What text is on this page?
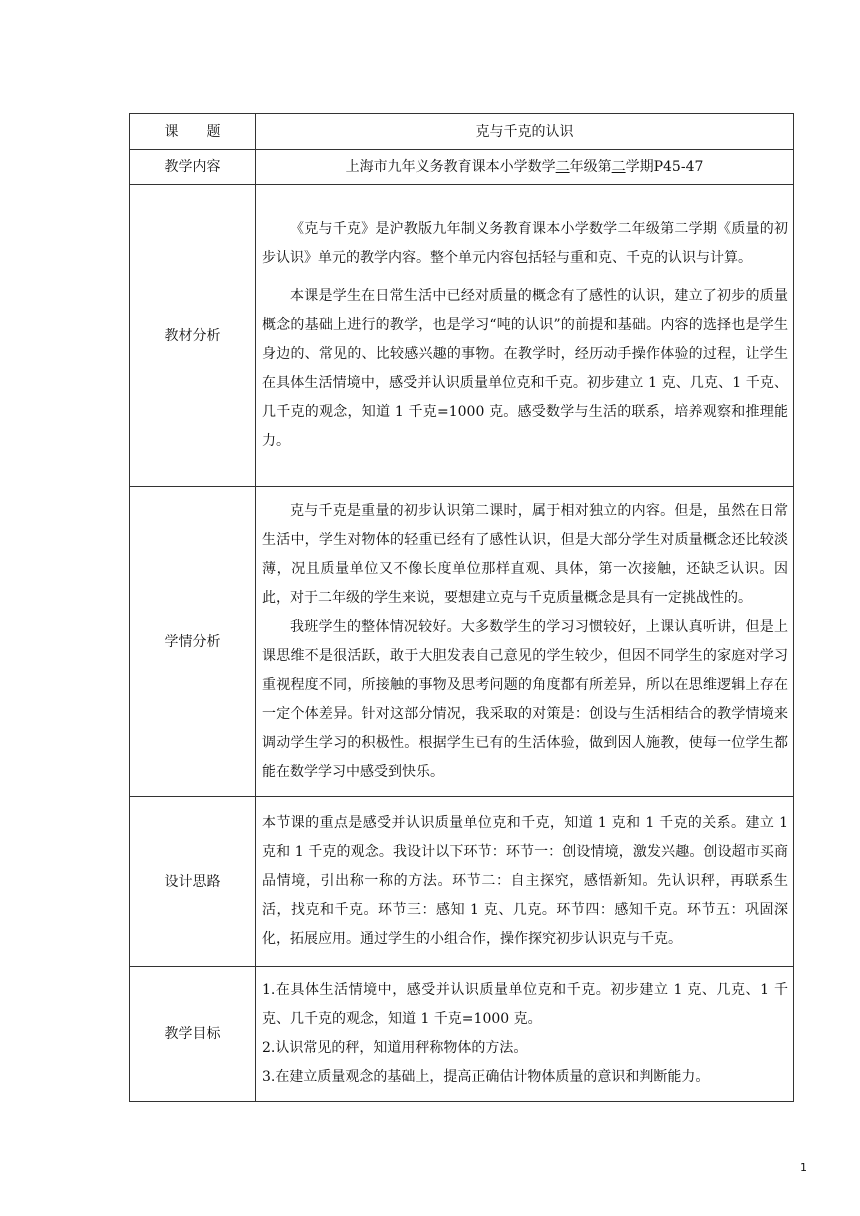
课　　题	克与千克的认识
教学内容	上海市九年义务教育课本小学数学二年级第二学期P45-47
教材分析	《克与千克》是沪教版九年制义务教育课本小学数学二年级第二学期《质量的初步认识》单元的教学内容。整个单元内容包括轻与重和克、千克的认识与计算。

本课是学生在日常生活中已经对质量的概念有了感性的认识，建立了初步的质量概念的基础上进行的教学，也是学习“吨的认识”的前提和基础。内容的选择也是学生身边的、常见的、比较感兴趣的事物。在教学时，经历动手操作体验的过程，让学生在具体生活情境中，感受并认识质量单位克和千克。初步建立 1 克、几克、1 千克、几千克的观念，知道 1 千克=1000 克。感受数学与生活的联系，培养观察和推理能力。

学情分析	克与千克是重量的初步认识第二课时，属于相对独立的内容。但是，虽然在日常生活中，学生对物体的轻重已经有了感性认识，但是大部分学生对质量概念还比较淡薄，况且质量单位又不像长度单位那样直观、具体，第一次接触，还缺乏认识。因此，对于二年级的学生来说，要想建立克与千克质量概念是具有一定挑战性的。

我班学生的整体情况较好。大多数学生的学习习惯较好，上课认真听讲，但是上课思维不是很活跃，敢于大胆发表自己意见的学生较少，但因不同学生的家庭对学习重视程度不同，所接触的事物及思考问题的角度都有所差异，所以在思维逻辑上存在一定个体差异。针对这部分情况，我采取的对策是：创设与生活相结合的教学情境来调动学生学习的积极性。根据学生已有的生活体验，做到因人施教，使每一位学生都能在数学学习中感受到快乐。

设计思路	本节课的重点是感受并认识质量单位克和千克，知道 1 克和 1 千克的关系。建立 1 克和 1 千克的观念。我设计以下环节：环节一：创设情境，激发兴趣。创设超市买商品情境，引出称一称的方法。环节二：自主探究，感悟新知。先认识秤，再联系生活，找克和千克。环节三：感知 1 克、几克。环节四：感知千克。环节五：巩固深化，拓展应用。通过学生的小组合作，操作探究初步认识克与千克。

教学目标	1.在具体生活情境中，感受并认识质量单位克和千克。初步建立 1 克、几克、1 千克、几千克的观念，知道 1 千克=1000 克。

2.认识常见的秤，知道用秤称物体的方法。

3.在建立质量观念的基础上，提高正确估计物体质量的意识和判断能力。

1
